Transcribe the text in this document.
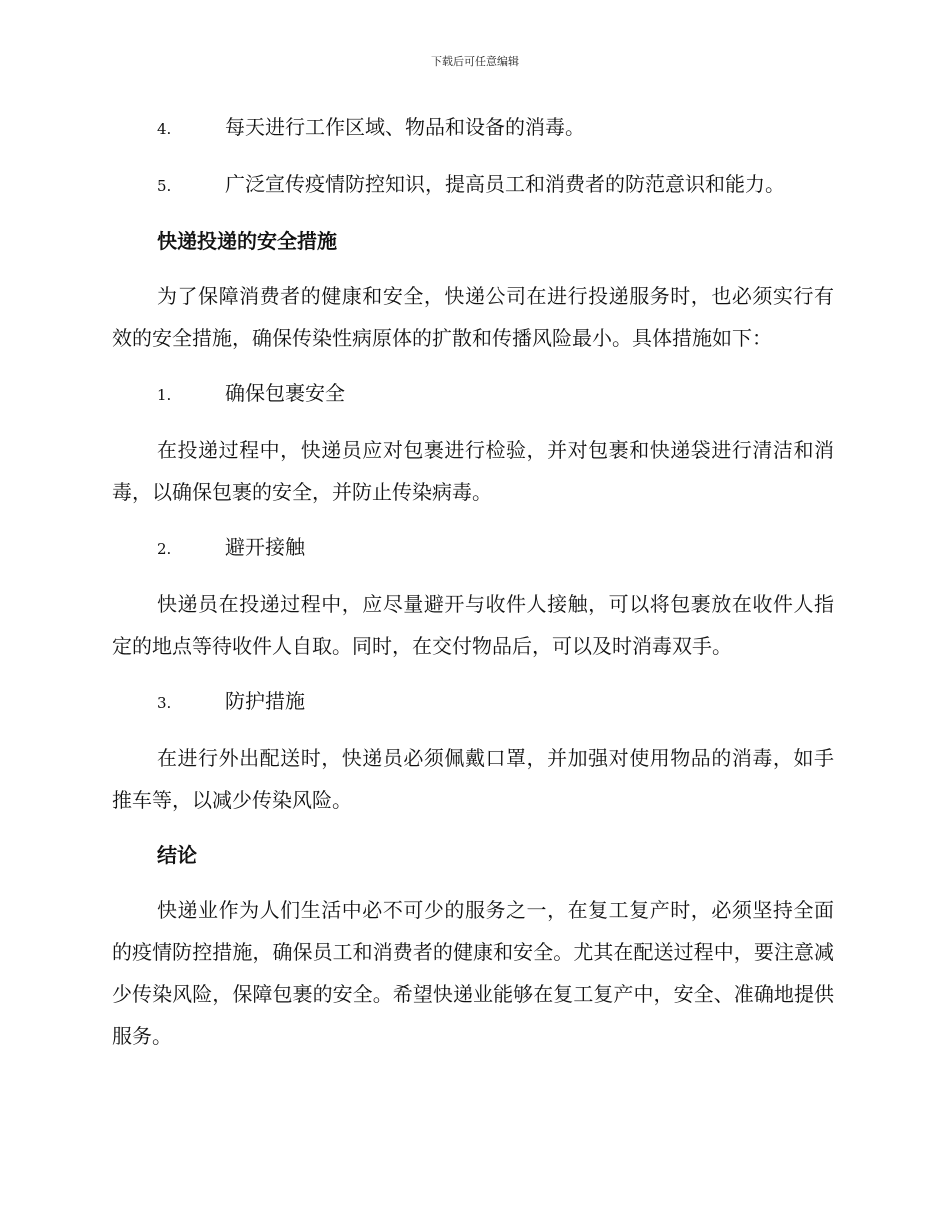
下载后可任意编辑
4.	每天进行工作区域、物品和设备的消毒。
5.	广泛宣传疫情防控知识，提高员工和消费者的防范意识和能力。
快递投递的安全措施
为了保障消费者的健康和安全，快递公司在进行投递服务时，也必须实行有效的安全措施，确保传染性病原体的扩散和传播风险最小。具体措施如下：
1.	确保包裹安全
在投递过程中，快递员应对包裹进行检验，并对包裹和快递袋进行清洁和消毒，以确保包裹的安全，并防止传染病毒。
2.	避开接触
快递员在投递过程中，应尽量避开与收件人接触，可以将包裹放在收件人指定的地点等待收件人自取。同时，在交付物品后，可以及时消毒双手。
3.	防护措施
在进行外出配送时，快递员必须佩戴口罩，并加强对使用物品的消毒，如手推车等，以减少传染风险。
结论
快递业作为人们生活中必不可少的服务之一，在复工复产时，必须坚持全面的疫情防控措施，确保员工和消费者的健康和安全。尤其在配送过程中，要注意减少传染风险，保障包裹的安全。希望快递业能够在复工复产中，安全、准确地提供服务。
